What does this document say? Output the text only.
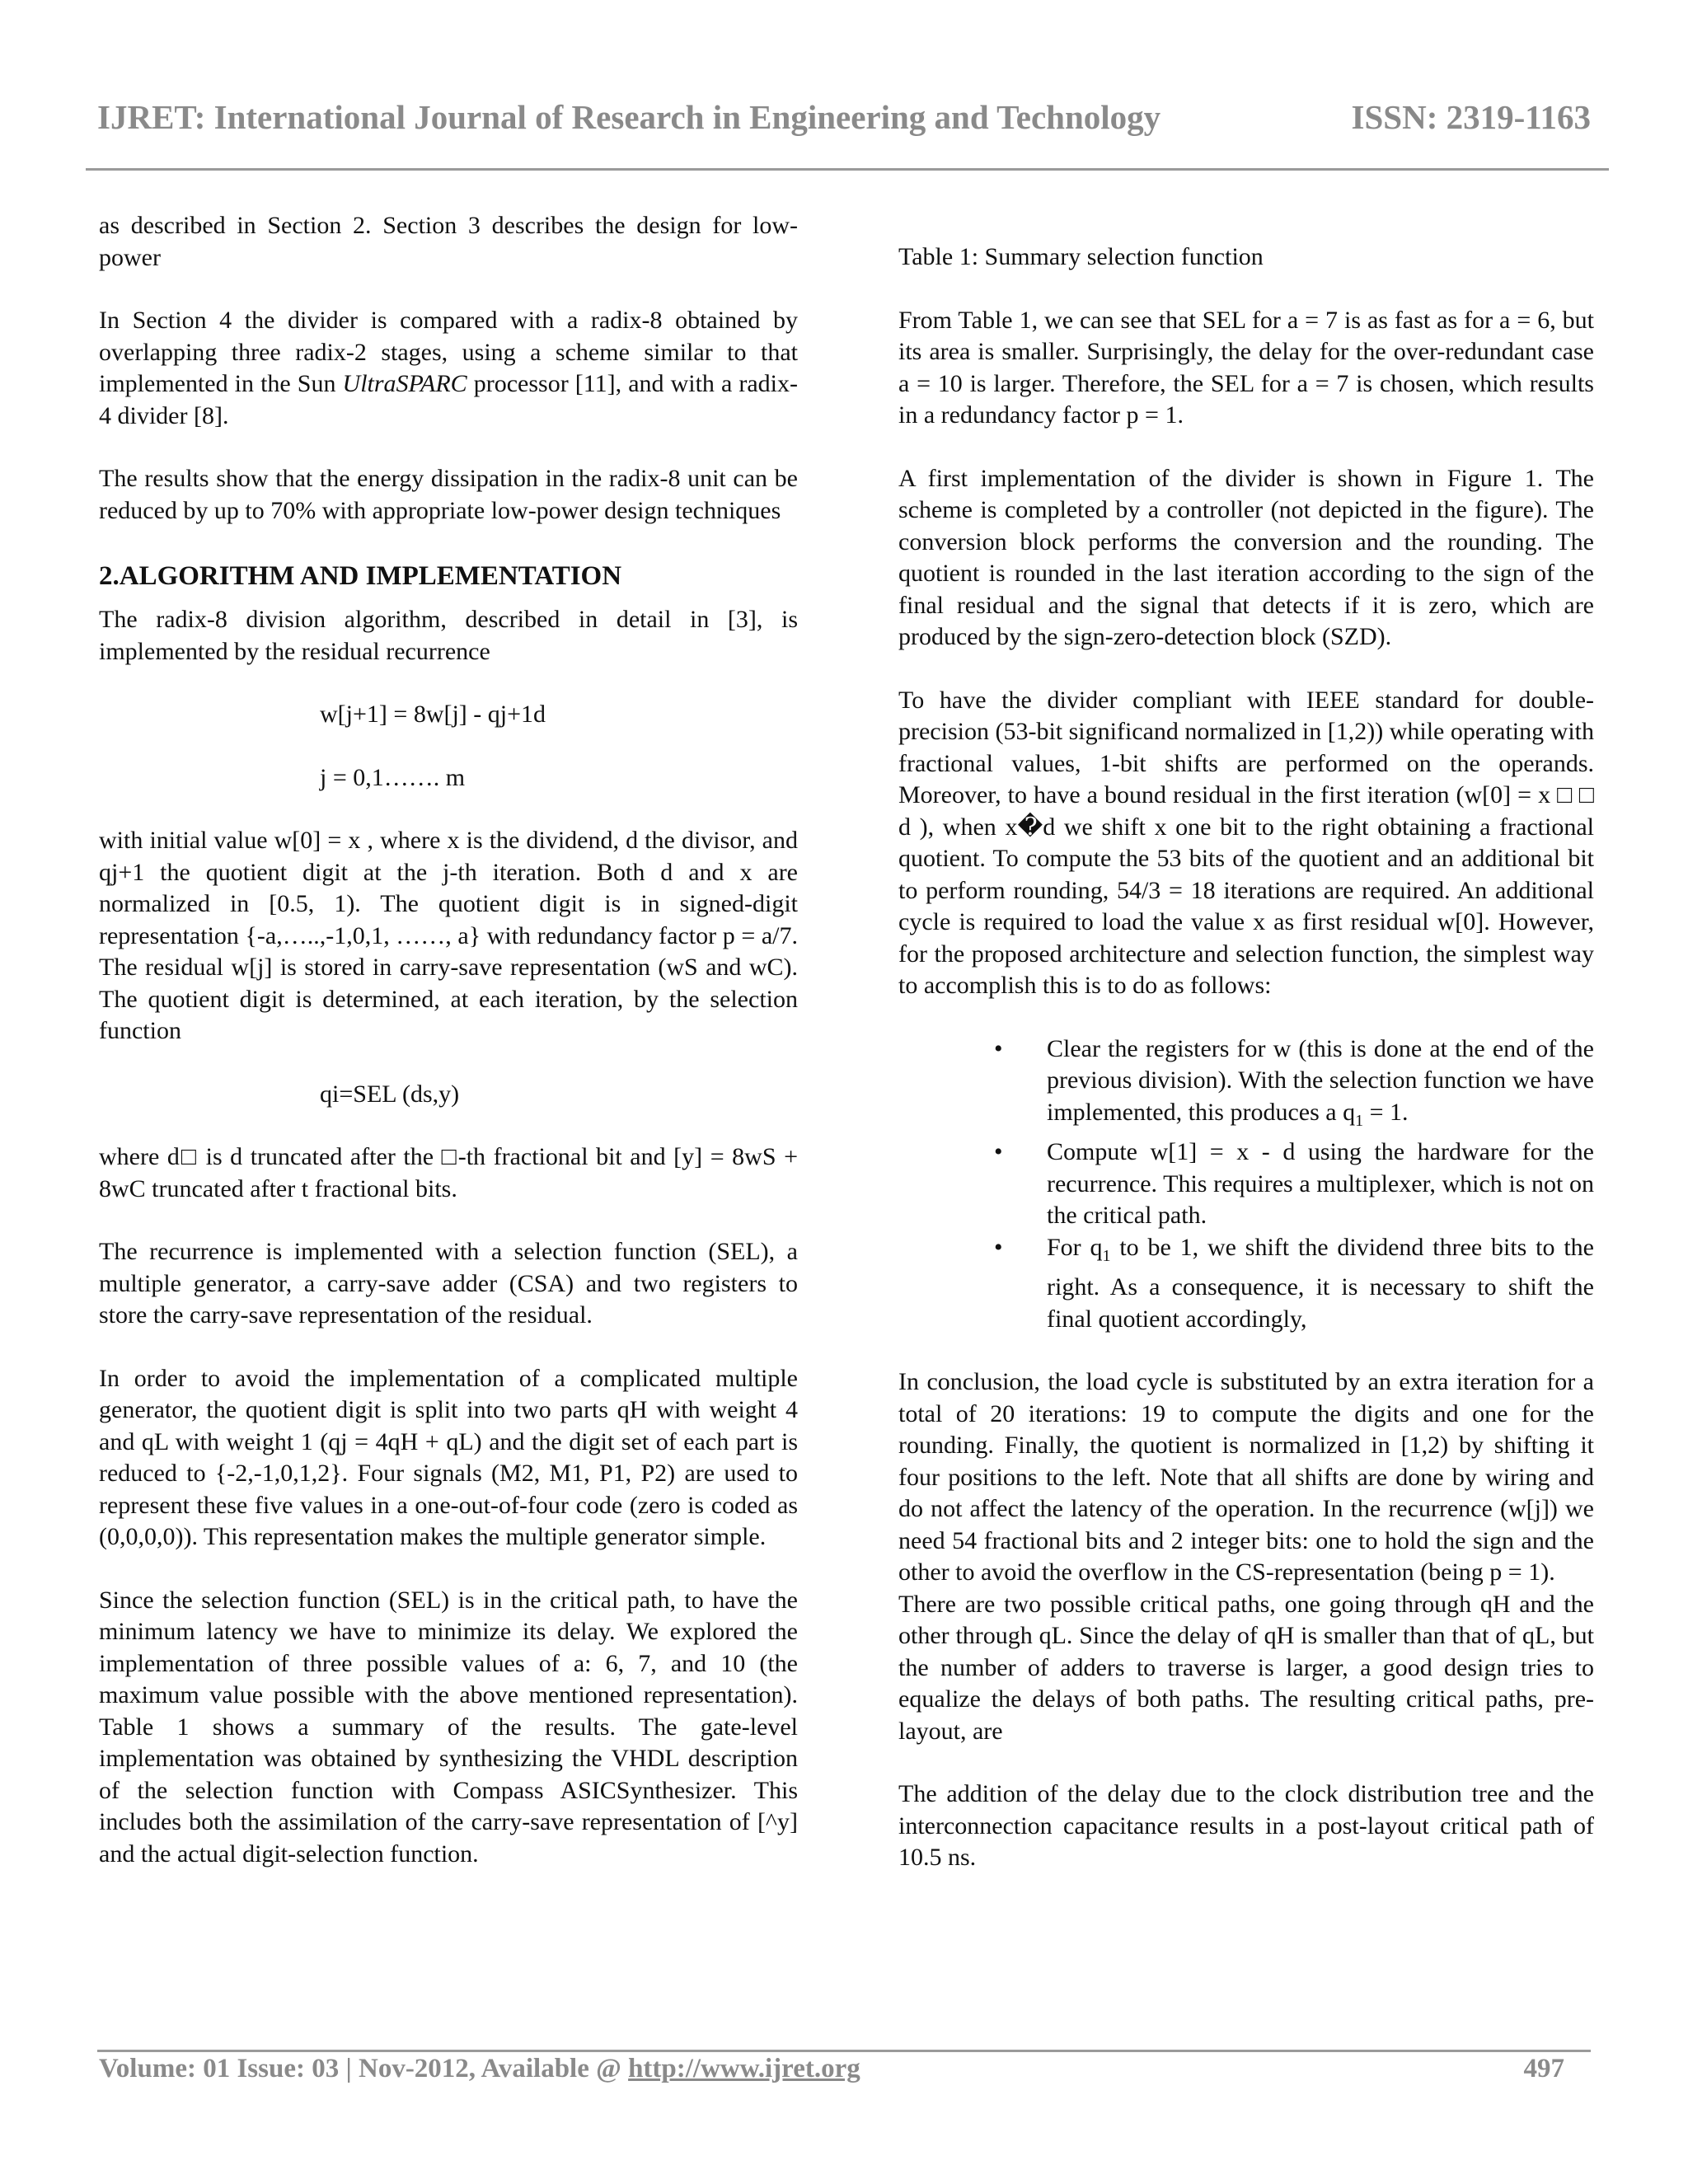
IJRET: International Journal of Research in Engineering and Technology	ISSN: 2319-1163

as described in Section 2. Section 3 describes the design for low-power

In Section 4 the divider is compared with a radix-8 obtained by overlapping three radix-2 stages, using a scheme similar to that implemented in the Sun UltraSPARC processor [11], and with a radix-4 divider [8].

The results show that the energy dissipation in the radix-8 unit can be reduced by up to 70% with appropriate low-power design techniques

2.ALGORITHM AND IMPLEMENTATION

The radix-8 division algorithm, described in detail in [3], is implemented by the residual recurrence

w[j+1] = 8w[j] - qj+1d

j = 0,1……. m

with initial value w[0] = x , where x is the dividend, d the divisor, and qj+1 the quotient digit at the j-th iteration. Both d and x are normalized in [0.5, 1). The quotient digit is in signed-digit representation {-a,…..,-1,0,1, ……, a} with redundancy factor p = a/7. The residual w[j] is stored in carry-save representation (wS and wC). The quotient digit is determined, at each iteration, by the selection function

qi=SEL (ds,y)

where d□ is d truncated after the □-th fractional bit and [y] = 8wS + 8wC truncated after t fractional bits.

The recurrence is implemented with a selection function (SEL), a multiple generator, a carry-save adder (CSA) and two registers to store the carry-save representation of the residual.

In order to avoid the implementation of a complicated multiple generator, the quotient digit is split into two parts qH with weight 4 and qL with weight 1 (qj = 4qH + qL) and the digit set of each part is reduced to {-2,-1,0,1,2}. Four signals (M2, M1, P1, P2) are used to represent these five values in a one-out-of-four code (zero is coded as (0,0,0,0)). This representation makes the multiple generator simple.

Since the selection function (SEL) is in the critical path, to have the minimum latency we have to minimize its delay. We explored the implementation of three possible values of a: 6, 7, and 10 (the maximum value possible with the above mentioned representation). Table 1 shows a summary of the results. The gate-level implementation was obtained by synthesizing the VHDL description of the selection function with Compass ASICSynthesizer. This includes both the assimilation of the carry-save representation of [^y] and the actual digit-selection function.

Table 1: Summary selection function

From Table 1, we can see that SEL for a = 7 is as fast as for a = 6, but its area is smaller. Surprisingly, the delay for the over-redundant case a = 10 is larger. Therefore, the SEL for a = 7 is chosen, which results in a redundancy factor p = 1.

A first implementation of the divider is shown in Figure 1. The scheme is completed by a controller (not depicted in the figure). The conversion block performs the conversion and the rounding. The quotient is rounded in the last iteration according to the sign of the final residual and the signal that detects if it is zero, which are produced by the sign-zero-detection block (SZD).

To have the divider compliant with IEEE standard for double-precision (53-bit significand normalized in [1,2)) while operating with fractional values, 1-bit shifts are performed on the operands. Moreover, to have a bound residual in the first iteration (w[0] = x □ □ d ), when x�d we shift x one bit to the right obtaining a fractional quotient. To compute the 53 bits of the quotient and an additional bit to perform rounding, 54/3 = 18 iterations are required. An additional cycle is required to load the value x as first residual w[0]. However, for the proposed architecture and selection function, the simplest way to accomplish this is to do as follows:

• Clear the registers for w (this is done at the end of the previous division). With the selection function we have implemented, this produces a $q_1 = 1$.
• Compute w[1] = x - d using the hardware for the recurrence. This requires a multiplexer, which is not on the critical path.
• For $q_1$ to be 1, we shift the dividend three bits to the right. As a consequence, it is necessary to shift the final quotient accordingly,

In conclusion, the load cycle is substituted by an extra iteration for a total of 20 iterations: 19 to compute the digits and one for the rounding. Finally, the quotient is normalized in [1,2) by shifting it four positions to the left. Note that all shifts are done by wiring and do not affect the latency of the operation. In the recurrence (w[j]) we need 54 fractional bits and 2 integer bits: one to hold the sign and the other to avoid the overflow in the CS-representation (being p = 1).

There are two possible critical paths, one going through qH and the other through qL. Since the delay of qH is smaller than that of qL, but the number of adders to traverse is larger, a good design tries to equalize the delays of both paths. The resulting critical paths, pre-layout, are

The addition of the delay due to the clock distribution tree and the interconnection capacitance results in a post-layout critical path of 10.5 ns.

Volume: 01 Issue: 03 | Nov-2012, Available @ http://www.ijret.org	497
